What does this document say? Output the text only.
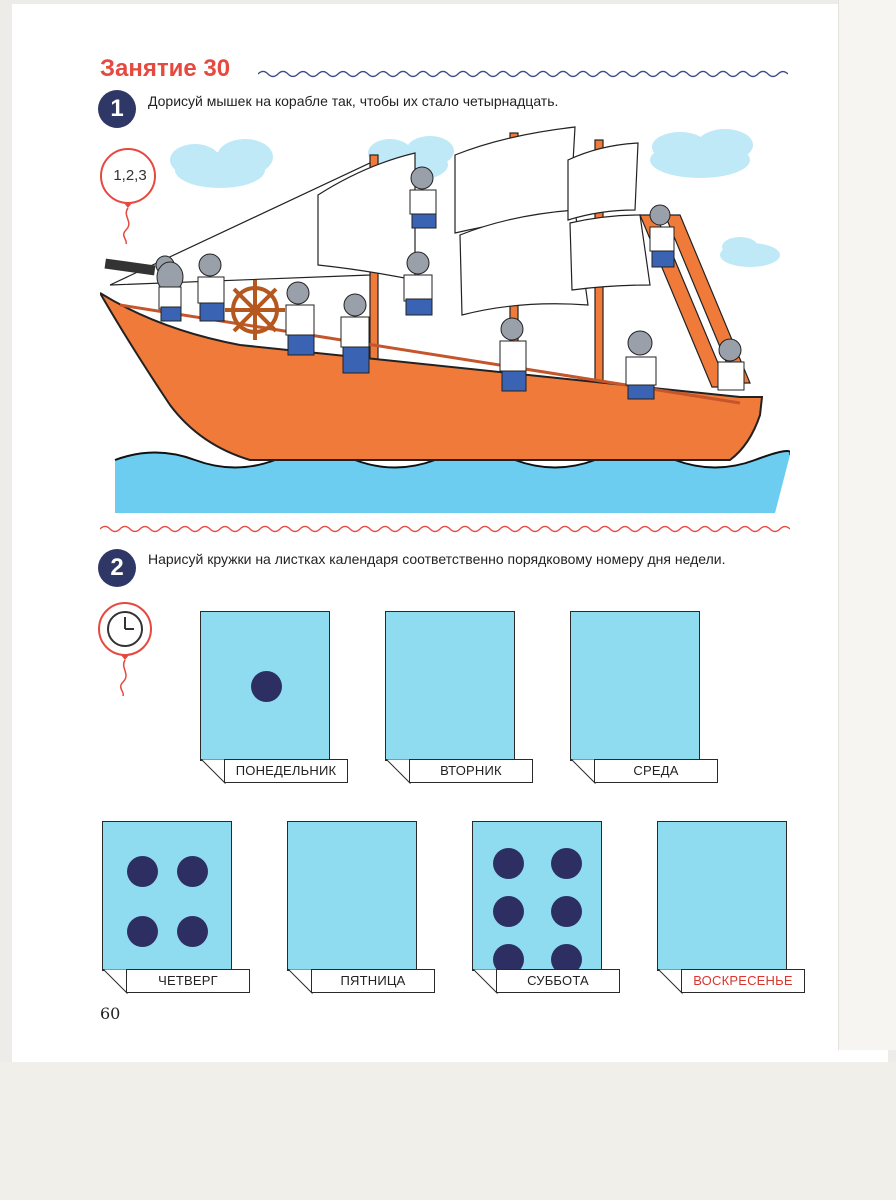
Занятие 30
1	Дорисуй мышек на корабле так, чтобы их стало четырнадцать.
1,2,3
2	Нарисуй кружки на листках календаря соответственно порядковому номеру дня недели.
ПОНЕДЕЛЬНИК	ВТОРНИК	СРЕДА
ЧЕТВЕРГ	ПЯТНИЦА	СУББОТА	ВОСКРЕСЕНЬЕ
60
